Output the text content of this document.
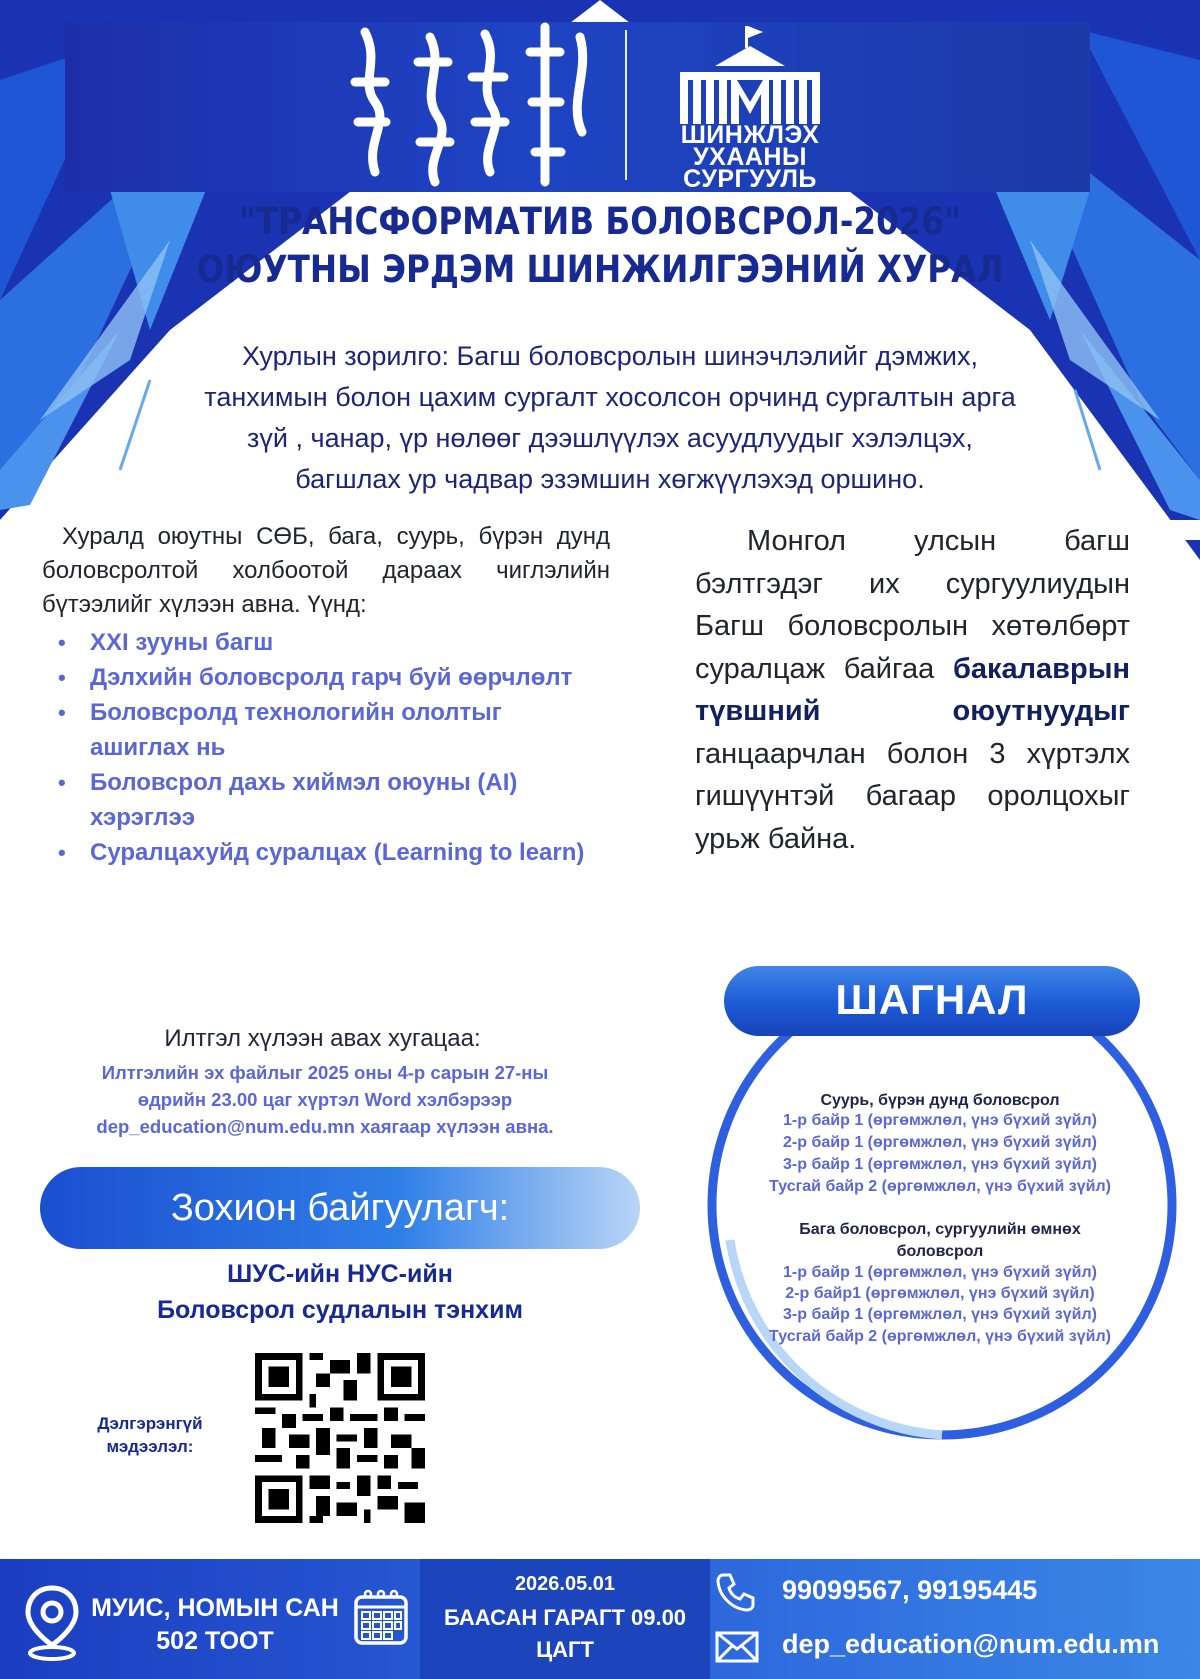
ШИНЖЛЭХ
УХААНЫ
СУРГУУЛЬ
"ТРАНСФОРМАТИВ БОЛОВСРОЛ-2026"
ОЮУТНЫ ЭРДЭМ ШИНЖИЛГЭЭНИЙ ХУРАЛ
Хурлын зорилго: Багш боловсролын шинэчлэлийг дэмжих,
танхимын болон цахим сургалт хосолсон орчинд сургалтын арга
зүй , чанар, үр нөлөөг дээшлүүлэх асуудлуудыг хэлэлцэх,
багшлах ур чадвар эзэмшин хөгжүүлэхэд оршино.
Хуралд оюутны СӨБ, бага, суурь, бүрэн дунд боловсролтой холбоотой дараах чиглэлийн бүтээлийг хүлээн авна. Үүнд:
• XXI зууны багш
• Дэлхийн боловсролд гарч буй өөрчлөлт
• Боловсролд технологийн ололтыг ашиглах нь
• Боловсрол дахь хиймэл оюуны (AI) хэрэглээ
• Суралцахуйд суралцах (Learning to learn)
Монгол улсын багш бэлтгэдэг их сургуулиудын Багш боловсролын хөтөлбөрт суралцаж байгаа бакалаврын түвшний оюутнуудыг ганцаарчлан болон 3 хүртэлх гишүүнтэй багаар оролцохыг урьж байна.
Илтгэл хүлээн авах хугацаа:
Илтгэлийн эх файлыг 2025 оны 4-р сарын 27-ны
өдрийн 23.00 цаг хүртэл Word хэлбэрээр
dep_education@num.edu.mn хаягаар хүлээн авна.
Зохион байгуулагч:
ШУС-ийн НУС-ийн
Боловсрол судлалын тэнхим
Дэлгэрэнгүй
мэдээлэл:
ШАГНАЛ
Суурь, бүрэн дунд боловсрол
1-р байр 1 (өргөмжлөл, үнэ бүхий зүйл)
2-р байр 1 (өргөмжлөл, үнэ бүхий зүйл)
3-р байр 1 (өргөмжлөл, үнэ бүхий зүйл)
Тусгай байр 2 (өргөмжлөл, үнэ бүхий зүйл)
Бага боловсрол, сургуулийн өмнөх
боловсрол
1-р байр 1 (өргөмжлөл, үнэ бүхий зүйл)
2-р байр1 (өргөмжлөл, үнэ бүхий зүйл)
3-р байр 1 (өргөмжлөл, үнэ бүхий зүйл)
Тусгай байр 2 (өргөмжлөл, үнэ бүхий зүйл)
МУИС, НОМЫН САН
502 ТООТ
2026.05.01
БААСАН ГАРАГТ 09.00
ЦАГТ
99099567, 99195445
dep_education@num.edu.mn
